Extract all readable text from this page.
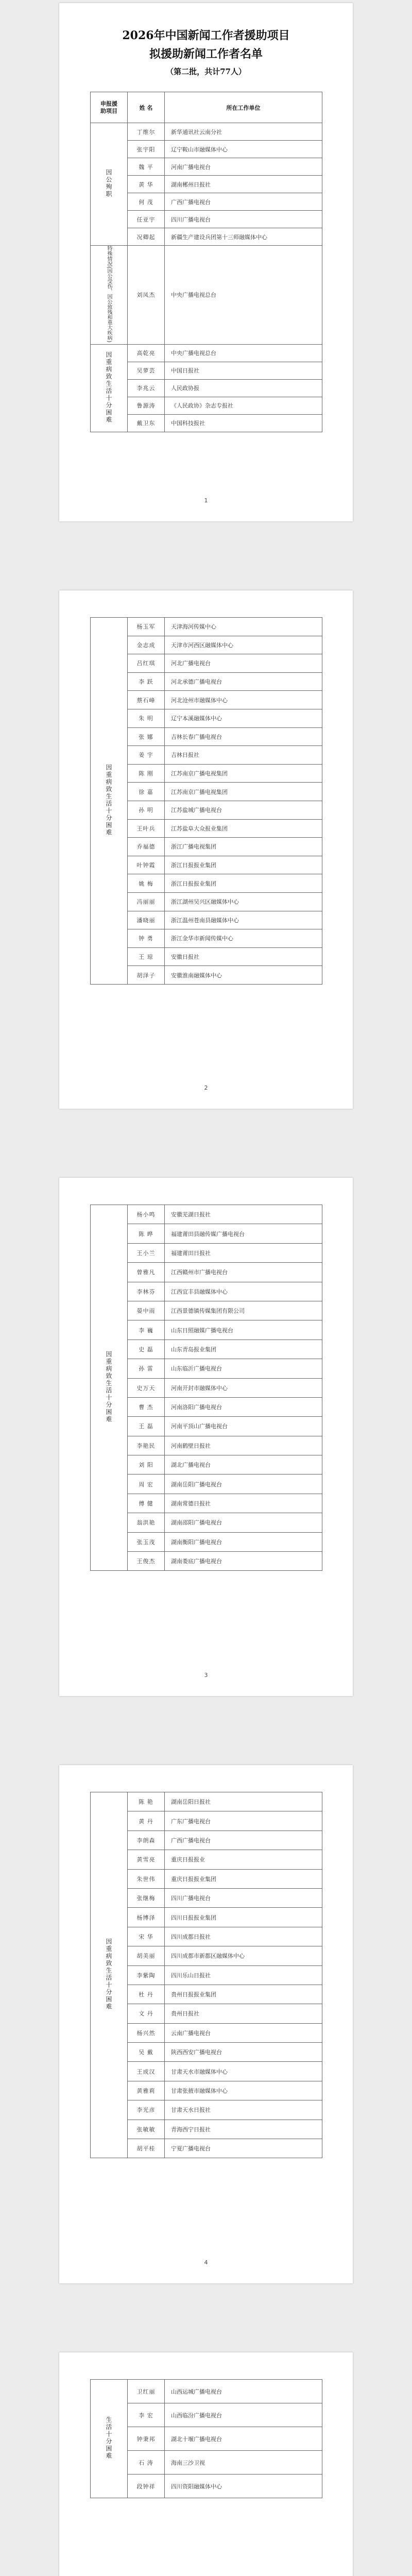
2026年中国新闻工作者援助项目
拟援助新闻工作者名单
（第二批，共计77人）
申报援助项目	姓 名	所在工作单位
因公殉职	丁维尔	新华通讯社云南分社
	张宇阳	辽宁鞍山市融媒体中心
	魏 平	河南广播电视台
	黄 华	湖南郴州日报社
	何 茂	广西广播电视台
	任亚宇	四川广播电视台
	况卿起	新疆生产建设兵团第十三师融媒体中心
特殊情况(因公受伤、因公致残和重大疾病)	刘凤杰	中央广播电视总台
因重病致生活十分困难	高乾亮	中央广播电视总台
	吴萝芸	中国日报社
	李兆云	人民政协报
	鲁源涛	《人民政协》杂志专报社
	戴卫东	中国科技报社
1
因重病致生活十分困难	杨玉军	天津海河传媒中心
	金志成	天津市河西区融媒体中心
	吕红琪	河北广播电视台
	李 跃	河北承德广播电视台
	蔡石峰	河北沧州市融媒体中心
	朱 明	辽宁本溪融媒体中心
	张 娜	吉林长春广播电视台
	姜 宇	吉林日报社
	陈 刚	江苏南京广播电视集团
	徐 嘉	江苏南京广播电视集团
	孙 明	江苏盐城广播电视台
	王叶兵	江苏盐阜大众报业集团
	乔福德	浙江广播电视集团
	叶钟霞	浙江日报报业集团
	姚 梅	浙江日报报业集团
	冯丽丽	浙江湖州吴兴区融媒体中心
	潘晓丽	浙江温州苍南县融媒体中心
	钟 勇	浙江金华市新闻传媒中心
	王 琼	安徽日报社
	胡泽子	安徽淮南融媒体中心
2
因重病致生活十分困难	杨小鸣	安徽芜湖日报社
	陈 晔	福建莆田县融传媒广播电视台
	王小兰	福建莆田日报社
	曾雅凡	江西赣州市广播电视台
	李林芬	江西宜丰县融媒体中心
	晏中雨	江西景德镇传媒集团有限公司
	李 巍	山东日照融媒广播电视台
	史 磊	山东青岛报业集团
	孙 雷	山东临沂广播电视台
	史万天	河南开封市融媒体中心
	曹 杰	河南洛阳广播电视台
	王 磊	河南平顶山广播电视台
	李艳民	河南鹤壁日报社
	刘 阳	湖北广播电视台
	周 宏	湖南岳阳广播电视台
	傅 健	湖南常德日报社
	翁洪艳	湖南邵阳广播电视台
	张玉茂	湖南衡阳广播电视台
	王俊杰	湖南娄底广播电视台
3
因重病致生活十分困难	陈 艳	湖南岳阳日报社
	黄 丹	广东广播电视台
	李朗森	广西广播电视台
	黄雪亮	重庆日报报业
	朱世伟	重庆日报报业集团
	张继梅	四川广播电视台
	杨博泽	四川日报报业集团
	宋 华	四川成都日报社
	胡美丽	四川成都市新都区融媒体中心
	李紫陶	四川乐山日报社
	杜 丹	贵州日报报业集团
	文 丹	贵州日报社
	杨兴然	云南广播电视台
	吴 戴	陕西西安广播电视台
	王成汉	甘肃天水市融媒体中心
	黄雅莉	甘肃张掖市融媒体中心
	李光彦	甘肃天水日报社
	张敏敏	青海西宁日报社
	胡平桂	宁夏广播电视台
4
生活十分困难	卫红丽	山西运城广播电视台
	李 宏	山西临汾广播电视台
	钟秉邦	湖北十堰广播电视台
	石 涛	海南三沙卫视
	段钟祥	四川资阳融媒体中心
